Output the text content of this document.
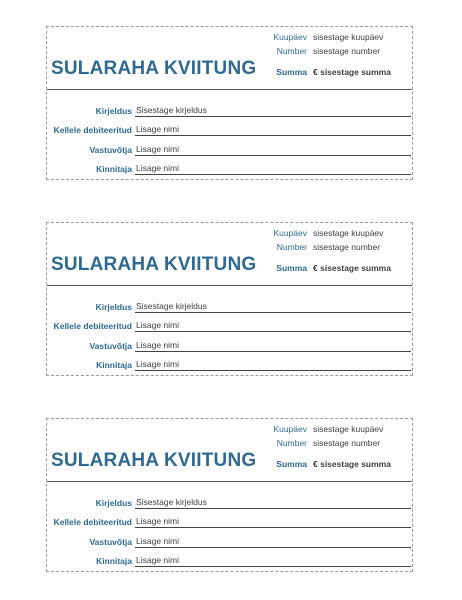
SULARAHA KVIITUNG
Kuupäev sisestage kuupäev
Number sisestage number
Summa € sisestage summa
Kirjeldus Sisestage kirjeldus
Kellele debiteeritud Lisage nimi
Vastuvõtja Lisage nimi
Kinnitaja Lisage nimi
SULARAHA KVIITUNG
Kuupäev sisestage kuupäev
Number sisestage number
Summa € sisestage summa
Kirjeldus Sisestage kirjeldus
Kellele debiteeritud Lisage nimi
Vastuvõtja Lisage nimi
Kinnitaja Lisage nimi
SULARAHA KVIITUNG
Kuupäev sisestage kuupäev
Number sisestage number
Summa € sisestage summa
Kirjeldus Sisestage kirjeldus
Kellele debiteeritud Lisage nimi
Vastuvõtja Lisage nimi
Kinnitaja Lisage nimi
